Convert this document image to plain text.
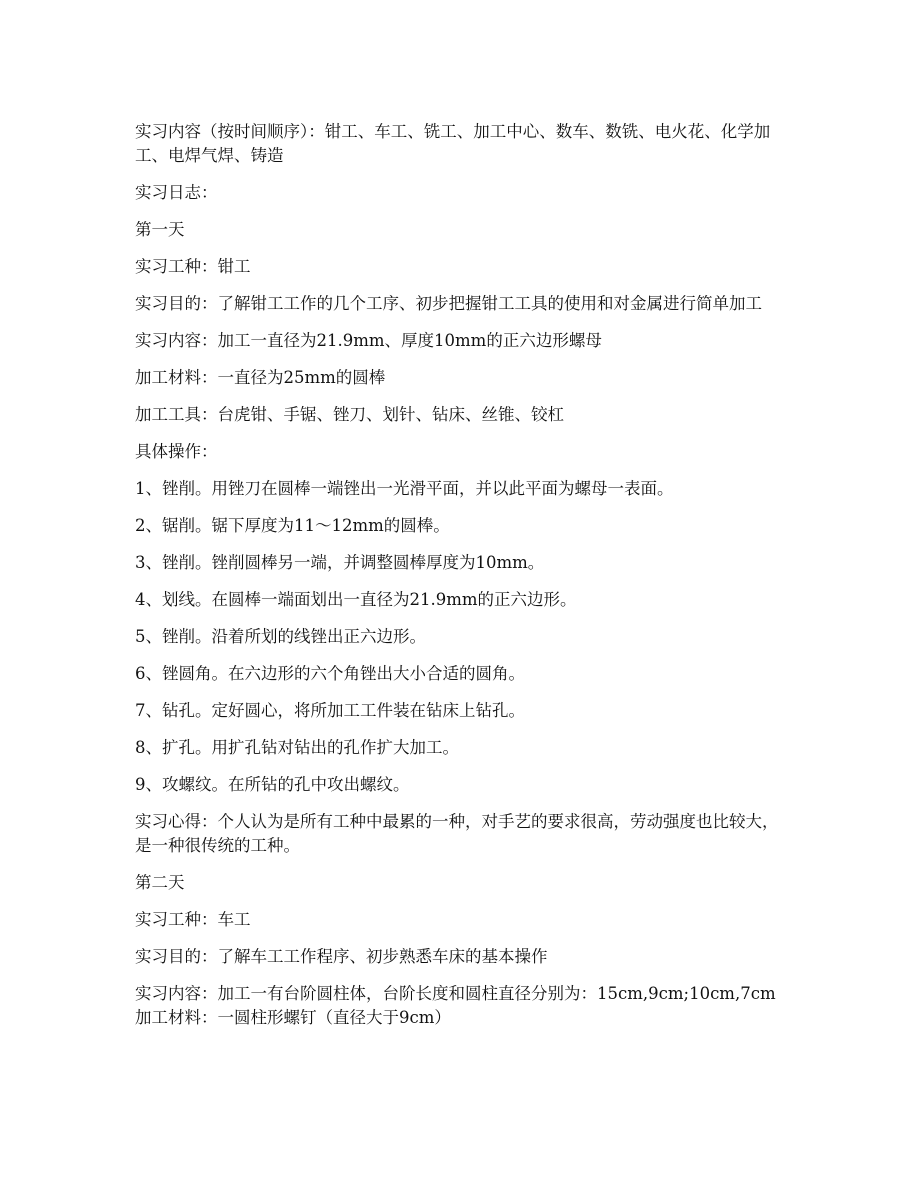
实习内容（按时间顺序）：钳工、车工、铣工、加工中心、数车、数铣、电火花、化学加工、电焊气焊、铸造

实习日志：

第一天

实习工种：钳工

实习目的：了解钳工工作的几个工序、初步把握钳工工具的使用和对金属进行简单加工

实习内容：加工一直径为21.9mm、厚度10mm的正六边形螺母

加工材料：一直径为25mm的圆棒

加工工具：台虎钳、手锯、锉刀、划针、钻床、丝锥、铰杠

具体操作：

1、锉削。用锉刀在圆棒一端锉出一光滑平面，并以此平面为螺母一表面。

2、锯削。锯下厚度为11～12mm的圆棒。

3、锉削。锉削圆棒另一端，并调整圆棒厚度为10mm。

4、划线。在圆棒一端面划出一直径为21.9mm的正六边形。

5、锉削。沿着所划的线锉出正六边形。

6、锉圆角。在六边形的六个角锉出大小合适的圆角。

7、钻孔。定好圆心，将所加工工件装在钻床上钻孔。

8、扩孔。用扩孔钻对钻出的孔作扩大加工。

9、攻螺纹。在所钻的孔中攻出螺纹。

实习心得：个人认为是所有工种中最累的一种，对手艺的要求很高，劳动强度也比较大，是一种很传统的工种。

第二天

实习工种：车工

实习目的：了解车工工作程序、初步熟悉车床的基本操作

实习内容：加工一有台阶圆柱体，台阶长度和圆柱直径分别为：15cm,9cm;10cm,7cm 加工材料：一圆柱形螺钉（直径大于9cm）
